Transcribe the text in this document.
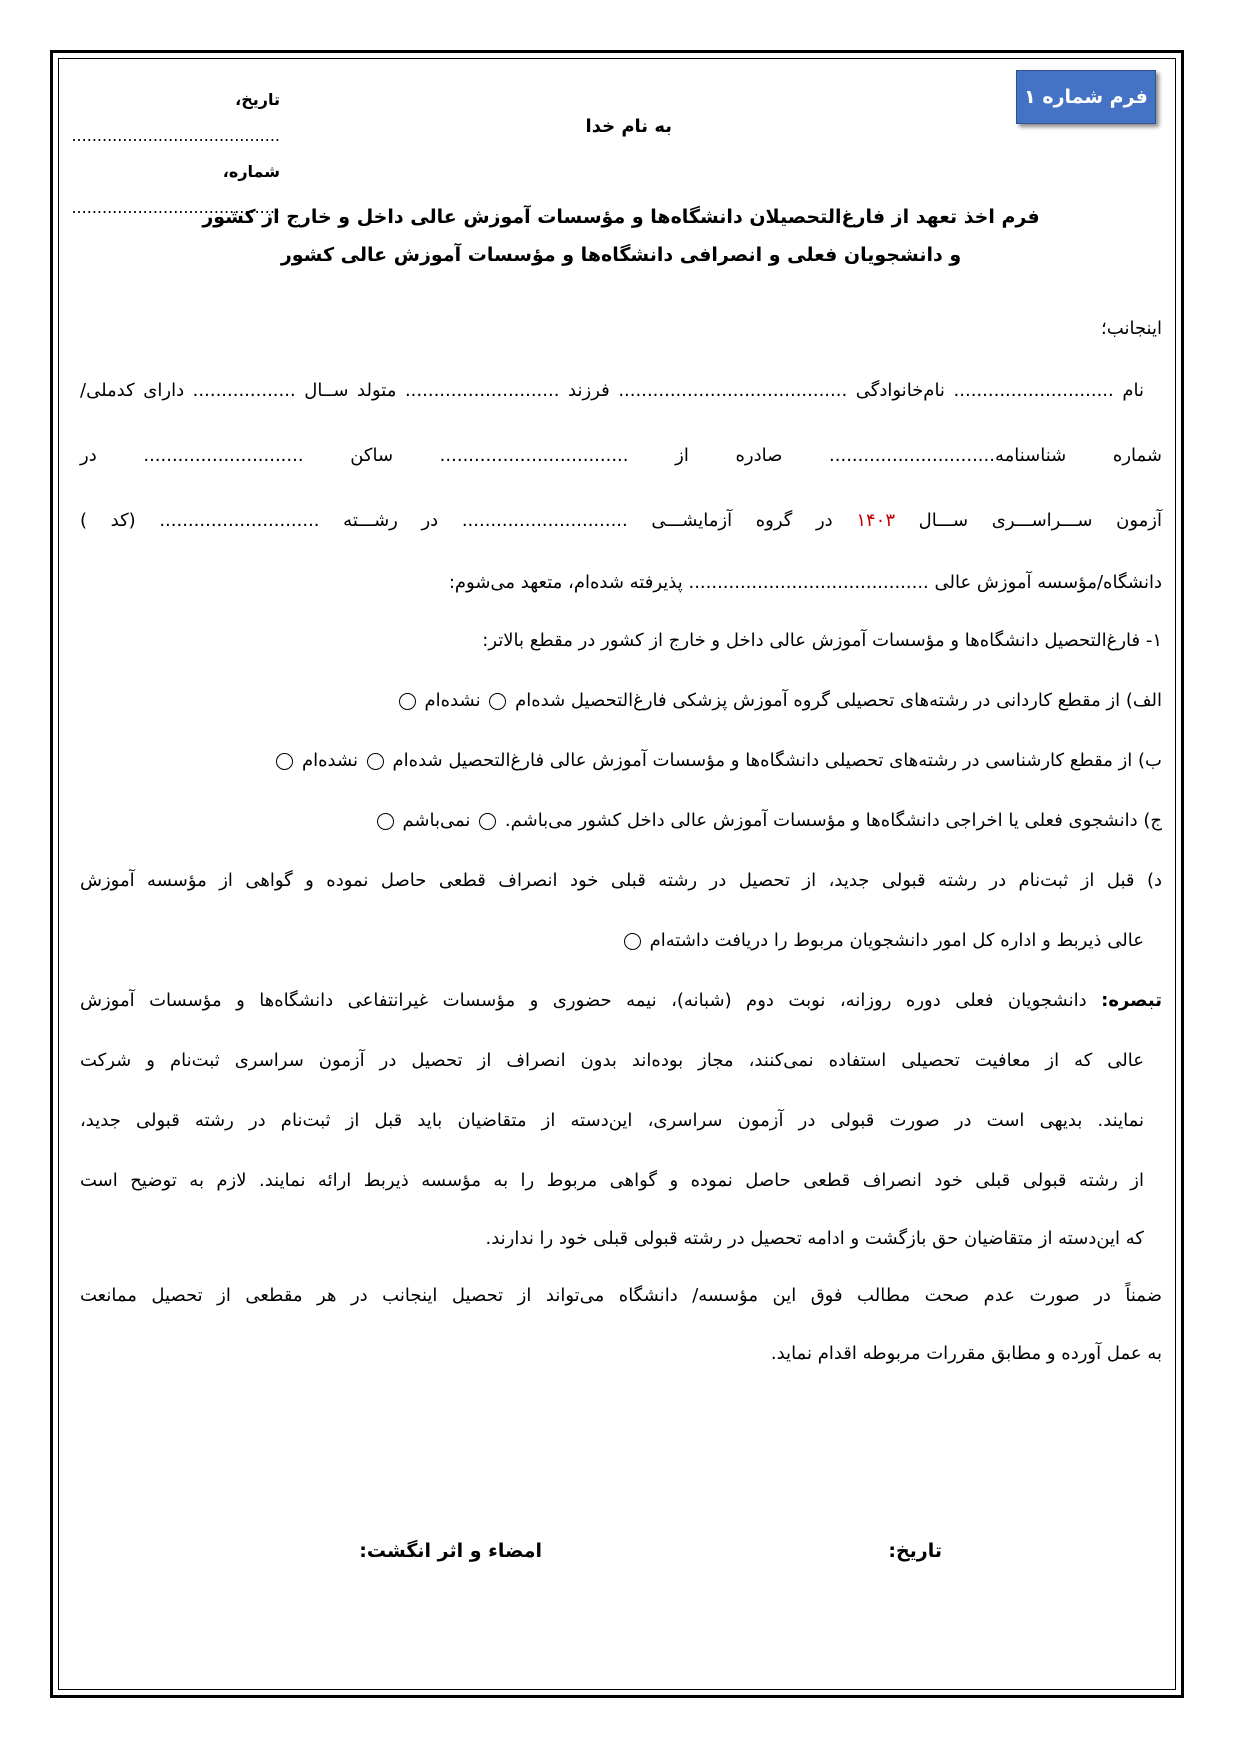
فرم شماره ۱
به نام خدا
تاریخ، .........................................
شماره، .........................................
فرم اخذ تعهد از فارغ‌التحصیلان دانشگاه‌ها و مؤسسات آموزش عالی داخل و خارج از کشور
و دانشجویان فعلی و انصرافی دانشگاه‌ها و مؤسسات آموزش عالی کشور
اینجانب؛
نام ............................ نام‌خانوادگی ........................................ فرزند ........................... متولد ســال .................. دارای کدملی/
شماره شناسنامه............................. صادره از ................................. ساکن ............................ در
آزمون ســـراســـری ســـال ۱۴۰۳ در گروه آزمایشـــی ............................. در رشـــته ............................ (کد )
دانشگاه/مؤسسه آموزش عالی .......................................... پذیرفته شده‌ام، متعهد می‌شوم:
۱- فارغ‌التحصیل دانشگاه‌ها و مؤسسات آموزش عالی داخل و خارج از کشور در مقطع بالاتر:
الف) از مقطع کاردانی در رشته‌های تحصیلی گروه آموزش پزشکی فارغ‌التحصیل شده‌ام  نشده‌ام
ب) از مقطع کارشناسی در رشته‌های تحصیلی دانشگاه‌ها و مؤسسات آموزش عالی فارغ‌التحصیل شده‌ام  نشده‌ام
ج) دانشجوی فعلی یا اخراجی دانشگاه‌ها و مؤسسات آموزش عالی داخل کشور می‌باشم.  نمی‌باشم
د) قبل از ثبت‌نام در رشته قبولی جدید، از تحصیل در رشته قبلی خود انصراف قطعی حاصل نموده و گواهی از مؤسسه آموزش
عالی ذیربط و اداره کل امور دانشجویان مربوط را دریافت داشته‌ام
تبصره: دانشجویان فعلی دوره روزانه، نوبت دوم (شبانه)، نیمه حضوری و مؤسسات غیرانتفاعی دانشگاه‌ها و مؤسسات آموزش
عالی که از معافیت تحصیلی استفاده نمی‌کنند، مجاز بوده‌اند بدون انصراف از تحصیل در آزمون سراسری ثبت‌نام و شرکت
نمایند. بدیهی است در صورت قبولی در آزمون سراسری، این‌دسته از متقاضیان باید قبل از ثبت‌نام در رشته قبولی جدید،
از رشته قبولی قبلی خود انصراف قطعی حاصل نموده و گواهی مربوط را به مؤسسه ذیربط ارائه نمایند. لازم به توضیح است
که این‌دسته از متقاضیان حق بازگشت و ادامه تحصیل در رشته قبولی قبلی خود را ندارند.
ضمناً در صورت عدم صحت مطالب فوق این مؤسسه/ دانشگاه می‌تواند از تحصیل اینجانب در هر مقطعی از تحصیل ممانعت
به عمل آورده و مطابق مقررات مربوطه اقدام نماید.
تاریخ:
امضاء و اثر انگشت:
